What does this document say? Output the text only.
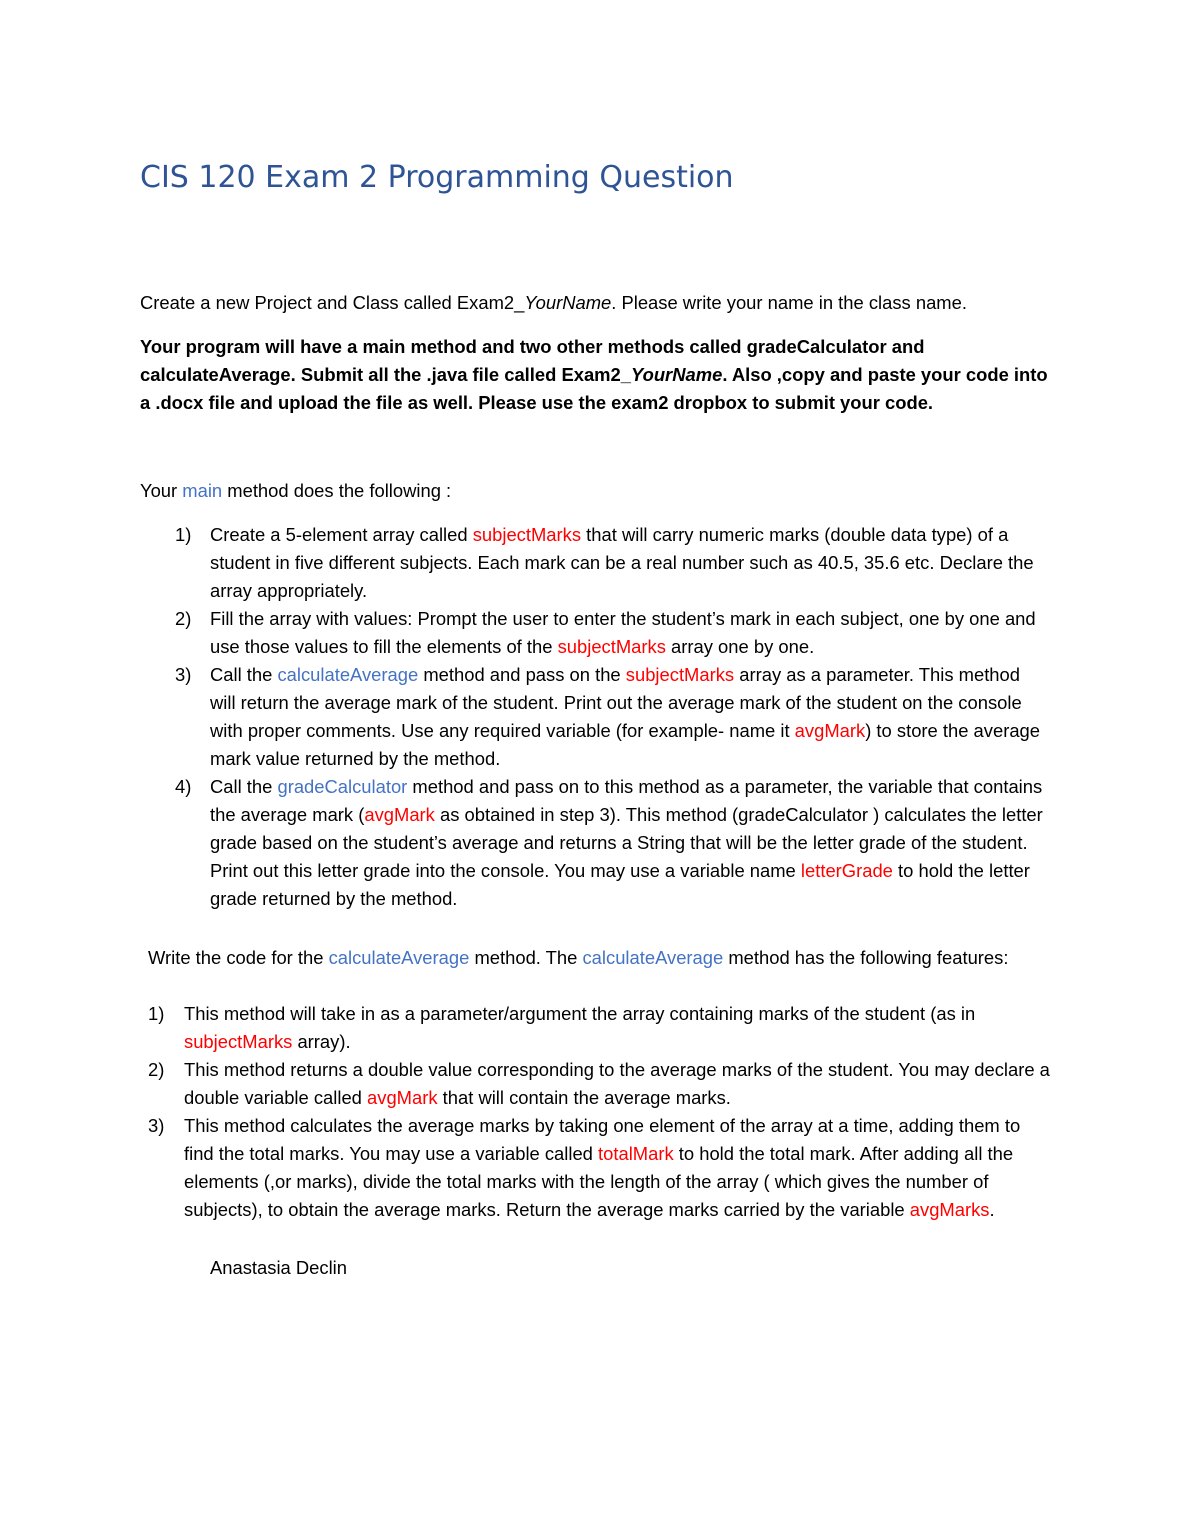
CIS 120 Exam 2 Programming Question

Create a new Project and Class called Exam2_YourName. Please write your name in the class name.

Your program will have a main method and two other methods called gradeCalculator and calculateAverage. Submit all the .java file called Exam2_YourName. Also ,copy and paste your code into a .docx file and upload the file as well. Please use the exam2 dropbox to submit your code.

Your main method does the following :

1) Create a 5-element array called subjectMarks that will carry numeric marks (double data type) of a student in five different subjects. Each mark can be a real number such as 40.5, 35.6 etc. Declare the array appropriately.
2) Fill the array with values: Prompt the user to enter the student’s mark in each subject, one by one and use those values to fill the elements of the subjectMarks array one by one.
3) Call the calculateAverage method and pass on the subjectMarks array as a parameter. This method will return the average mark of the student. Print out the average mark of the student on the console with proper comments. Use any required variable (for example- name it avgMark) to store the average mark value returned by the method.
4) Call the gradeCalculator method and pass on to this method as a parameter, the variable that contains the average mark (avgMark as obtained in step 3). This method (gradeCalculator ) calculates the letter grade based on the student’s average and returns a String that will be the letter grade of the student. Print out this letter grade into the console. You may use a variable name letterGrade to hold the letter grade returned by the method.

Write the code for the calculateAverage method. The calculateAverage method has the following features:

1) This method will take in as a parameter/argument the array containing marks of the student (as in subjectMarks array).
2) This method returns a double value corresponding to the average marks of the student. You may declare a double variable called avgMark that will contain the average marks.
3) This method calculates the average marks by taking one element of the array at a time, adding them to find the total marks. You may use a variable called totalMark to hold the total mark. After adding all the elements (,or marks), divide the total marks with the length of the array ( which gives the number of subjects), to obtain the average marks. Return the average marks carried by the variable avgMarks.
Anastasia Declin
